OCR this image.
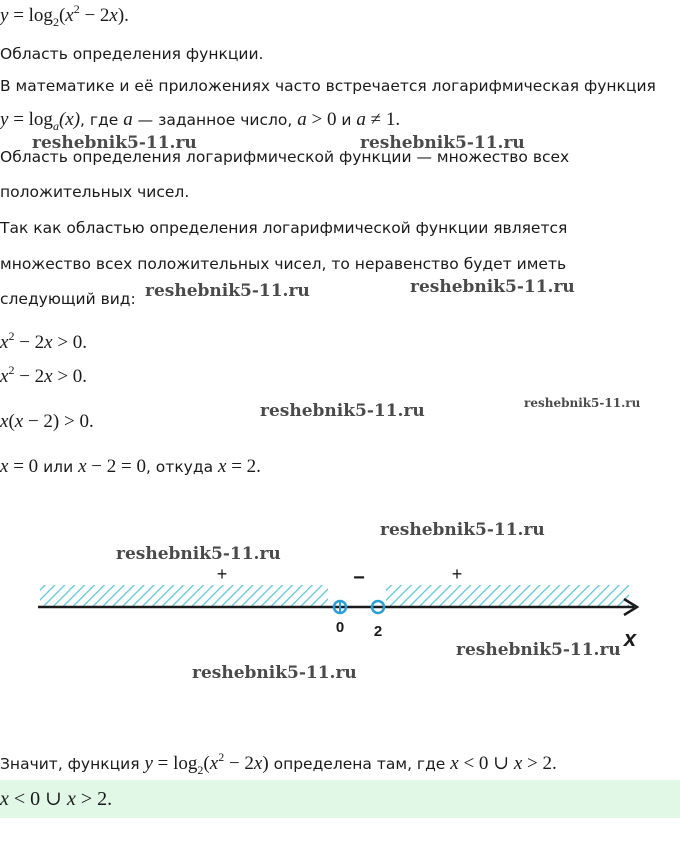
$y = \log_2(x^2 - 2x)$.
Область определения функции.
В математике и её приложениях часто встречается логарифмическая функция
$y = \log_a(x)$, где a — заданное число, a > 0 и a ≠ 1.
Область определения логарифмической функции — множество всех
положительных чисел.
Так как областью определения логарифмической функции является
множество всех положительных чисел, то неравенство будет иметь
следующий вид:
$x^2 - 2x > 0$.
$x^2 - 2x > 0$.
x(x − 2) > 0.
x = 0 или x − 2 = 0, откуда x = 2.
+	−	+
0 2	x
Значит, функция $y = \log_2(x^2 - 2x)$ определена там, где x < 0 ∪ x > 2.
x < 0 ∪ x > 2.
reshebnik5-11.ru	reshebnik5-11.ru
reshebnik5-11.ru	reshebnik5-11.ru
reshebnik5-11.ru	reshebnik5-11.ru
reshebnik5-11.ru
reshebnik5-11.ru
reshebnik5-11.ru
reshebnik5-11.ru
